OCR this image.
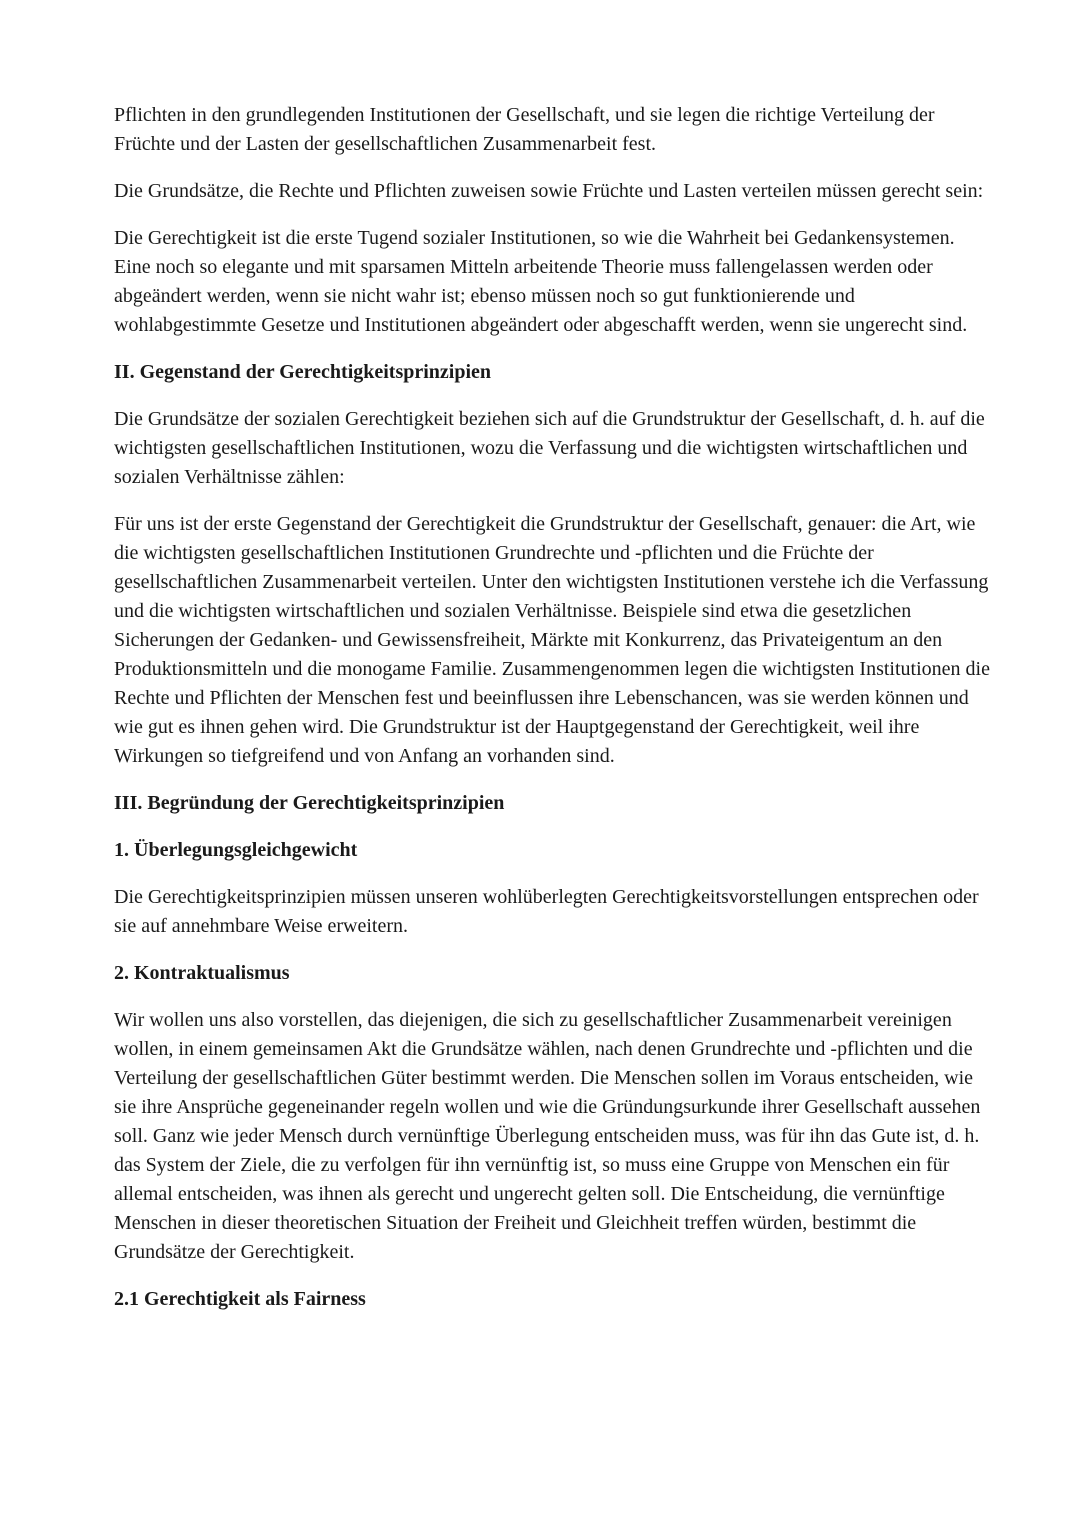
Pflichten in den grundlegenden Institutionen der Gesellschaft, und sie legen die richtige Verteilung der Früchte und der Lasten der gesellschaftlichen Zusammenarbeit fest.

Die Grundsätze, die Rechte und Pflichten zuweisen sowie Früchte und Lasten verteilen müssen gerecht sein:

Die Gerechtigkeit ist die erste Tugend sozialer Institutionen, so wie die Wahrheit bei Gedankensystemen. Eine noch so elegante und mit sparsamen Mitteln arbeitende Theorie muss fallengelassen werden oder abgeändert werden, wenn sie nicht wahr ist; ebenso müssen noch so gut funktionierende und wohlabgestimmte Gesetze und Institutionen abgeändert oder abgeschafft werden, wenn sie ungerecht sind.

II. Gegenstand der Gerechtigkeitsprinzipien

Die Grundsätze der sozialen Gerechtigkeit beziehen sich auf die Grundstruktur der Gesellschaft, d. h. auf die wichtigsten gesellschaftlichen Institutionen, wozu die Verfassung und die wichtigsten wirtschaftlichen und sozialen Verhältnisse zählen:

Für uns ist der erste Gegenstand der Gerechtigkeit die Grundstruktur der Gesellschaft, genauer: die Art, wie die wichtigsten gesellschaftlichen Institutionen Grundrechte und -pflichten und die Früchte der gesellschaftlichen Zusammenarbeit verteilen. Unter den wichtigsten Institutionen verstehe ich die Verfassung und die wichtigsten wirtschaftlichen und sozialen Verhältnisse. Beispiele sind etwa die gesetzlichen Sicherungen der Gedanken- und Gewissensfreiheit, Märkte mit Konkurrenz, das Privateigentum an den Produktionsmitteln und die monogame Familie. Zusammengenommen legen die wichtigsten Institutionen die Rechte und Pflichten der Menschen fest und beeinflussen ihre Lebenschancen, was sie werden können und wie gut es ihnen gehen wird. Die Grundstruktur ist der Hauptgegenstand der Gerechtigkeit, weil ihre Wirkungen so tiefgreifend und von Anfang an vorhanden sind.

III. Begründung der Gerechtigkeitsprinzipien
1. Überlegungsgleichgewicht

Die Gerechtigkeitsprinzipien müssen unseren wohlüberlegten Gerechtigkeitsvorstellungen entsprechen oder sie auf annehmbare Weise erweitern.

2. Kontraktualismus

Wir wollen uns also vorstellen, das diejenigen, die sich zu gesellschaftlicher Zusammenarbeit vereinigen wollen, in einem gemeinsamen Akt die Grundsätze wählen, nach denen Grundrechte und -pflichten und die Verteilung der gesellschaftlichen Güter bestimmt werden. Die Menschen sollen im Voraus entscheiden, wie sie ihre Ansprüche gegeneinander regeln wollen und wie die Gründungsurkunde ihrer Gesellschaft aussehen soll. Ganz wie jeder Mensch durch vernünftige Überlegung entscheiden muss, was für ihn das Gute ist, d. h. das System der Ziele, die zu verfolgen für ihn vernünftig ist, so muss eine Gruppe von Menschen ein für allemal entscheiden, was ihnen als gerecht und ungerecht gelten soll. Die Entscheidung, die vernünftige Menschen in dieser theoretischen Situation der Freiheit und Gleichheit treffen würden, bestimmt die Grundsätze der Gerechtigkeit.

2.1 Gerechtigkeit als Fairness
